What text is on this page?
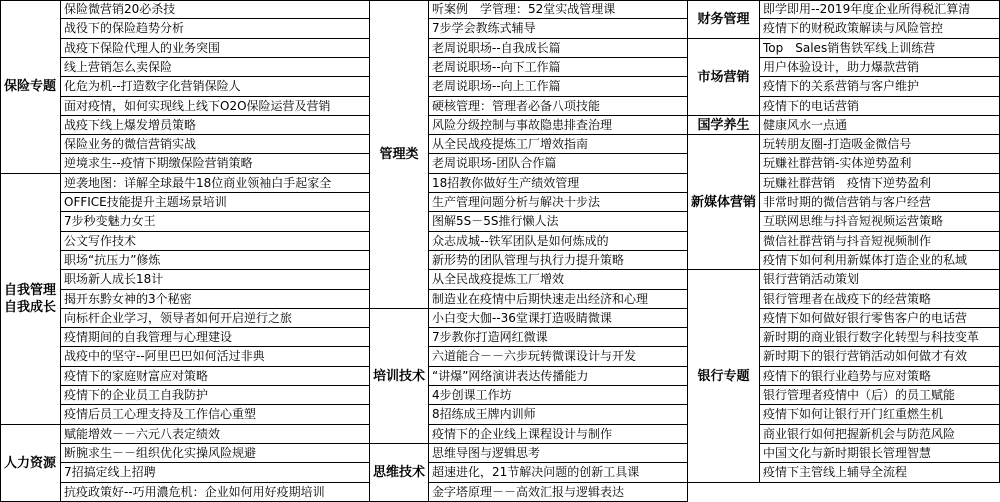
保险专题
保险微营销20必杀技
战役下的保险趋势分析
战疫下保险代理人的业务突围
线上营销怎么卖保险
化危为机--打造数字化营销保险人
面对疫情，如何实现线上线下O2O保险运营及营销
战疫下线上爆发增员策略
保险业务的微信营销实战
逆境求生--疫情下期缴保险营销策略
自我管理自我成长
逆袭地图：详解全球最牛18位商业领袖白手起家全
OFFICE技能提升主题场景培训
7步秒变魅力女王
公文写作技术
职场“抗压力”修炼
职场新人成长18计
揭开东黔女神的3个秘密
向标杆企业学习，领导者如何开启逆行之旅
疫情期间的自我管理与心理建设
战疫中的坚守--阿里巴巴如何活过非典
疫情下的家庭财富应对策略
疫情下的企业员工自我防护
疫情后员工心理支持及工作信心重塑
人力资源
赋能增效－－六元八表定绩效
断腕求生－－组织优化实操风险规避
7招搞定线上招聘
抗疫政策好--巧用濃危机：企业如何用好疫期培训
管理类
听案例　学管理：52堂实战管理课
7步学会教练式辅导
老周说职场--自我成长篇
老周说职场--向下工作篇
老周说职场--向上工作篇
硬核管理：管理者必备八项技能
风险分级控制与事故隐患排查治理
从全民战疫提炼工厂增效指南
老周说职场-团队合作篇
18招教你做好生产绩效管理
生产管理问题分析与解决十步法
图解5S－5S推行懒人法
众志成城--铁军团队是如何炼成的
新形势的团队管理与执行力提升策略
从全民战疫提炼工厂增效
制造业在疫情中后期快速走出经济和心理
培训技术
小白变大伽--36堂课打造吸睛微课
7步教你打造网红微课
六道能合－－六步玩转微课设计与开发
“讲爆”网络演讲表达传播能力
4步创课工作坊
8招练成王牌内训师
疫情下的企业线上课程设计与制作
思维技术
思维导图与逻辑思考
超速进化，21节解决问题的创新工具课
金字塔原理－－高效汇报与逻辑表达
财务管理
即学即用--2019年度企业所得税汇算清
疫情下的财税政策解读与风险管控
市场营销
Top　Sales销售铁军线上训练营
用户体验设计，助力爆款营销
疫情下的关系营销与客户维护
疫情下的电话营销
国学养生	健康风水一点通
新媒体营销
玩转朋友圈-打造吸金微信号
玩赚社群营销-实体逆势盈利
玩赚社群营销　疫情下逆势盈利
非常时期的微信营销与客户经营
互联网思维与抖音短视频运营策略
微信社群营销与抖音短视频制作
疫情下如何利用新媒体打造企业的私域
银行专题
银行营销活动策划
银行管理者在战疫下的经营策略
疫情下如何做好银行零售客户的电话营
新时期的商业银行数字化转型与科技变革
新时期下的银行营销活动如何做才有效
疫情下的银行业趋势与应对策略
银行管理者疫情中（后）的员工赋能
疫情下如何让银行开门红重燃生机
商业银行如何把握新机会与防范风险
中国文化与新时期银长管理智慧
疫情下主管线上辅导全流程
